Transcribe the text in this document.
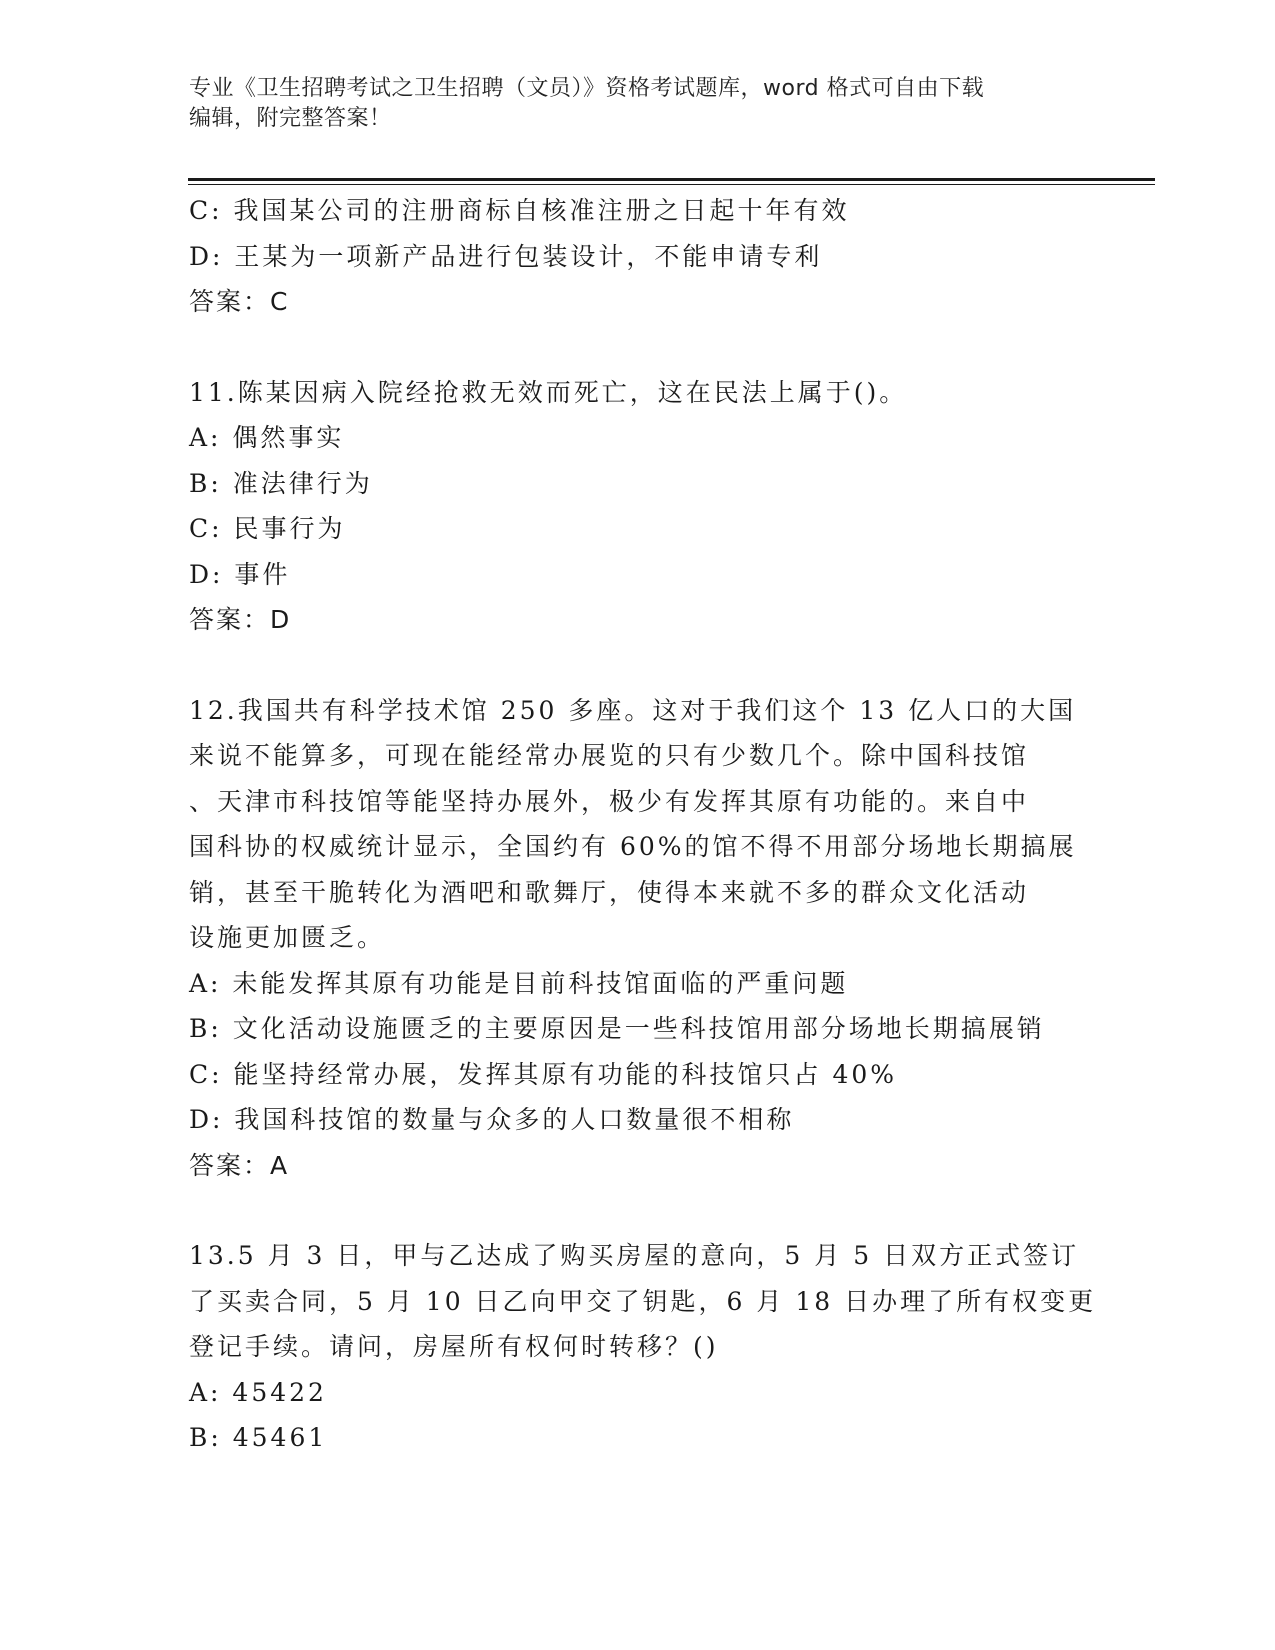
专业《卫生招聘考试之卫生招聘（文员）》资格考试题库，word 格式可自由下载

编辑，附完整答案！

C: 我国某公司的注册商标自核准注册之日起十年有效

D: 王某为一项新产品进行包装设计，不能申请专利

答案：C

11.陈某因病入院经抢救无效而死亡，这在民法上属于()。

A: 偶然事实

B: 准法律行为

C: 民事行为

D: 事件

答案：D

12.我国共有科学技术馆 250 多座。这对于我们这个 13 亿人口的大国

来说不能算多，可现在能经常办展览的只有少数几个。除中国科技馆

、天津市科技馆等能坚持办展外，极少有发挥其原有功能的。来自中

国科协的权威统计显示，全国约有 60%的馆不得不用部分场地长期搞展

销，甚至干脆转化为酒吧和歌舞厅，使得本来就不多的群众文化活动

设施更加匮乏。

A: 未能发挥其原有功能是目前科技馆面临的严重问题

B: 文化活动设施匮乏的主要原因是一些科技馆用部分场地长期搞展销

C: 能坚持经常办展，发挥其原有功能的科技馆只占 40%

D: 我国科技馆的数量与众多的人口数量很不相称

答案：A

13.5 月 3 日，甲与乙达成了购买房屋的意向，5 月 5 日双方正式签订

了买卖合同，5 月 10 日乙向甲交了钥匙，6 月 18 日办理了所有权变更

登记手续。请问，房屋所有权何时转移？()

A: 45422

B: 45461
